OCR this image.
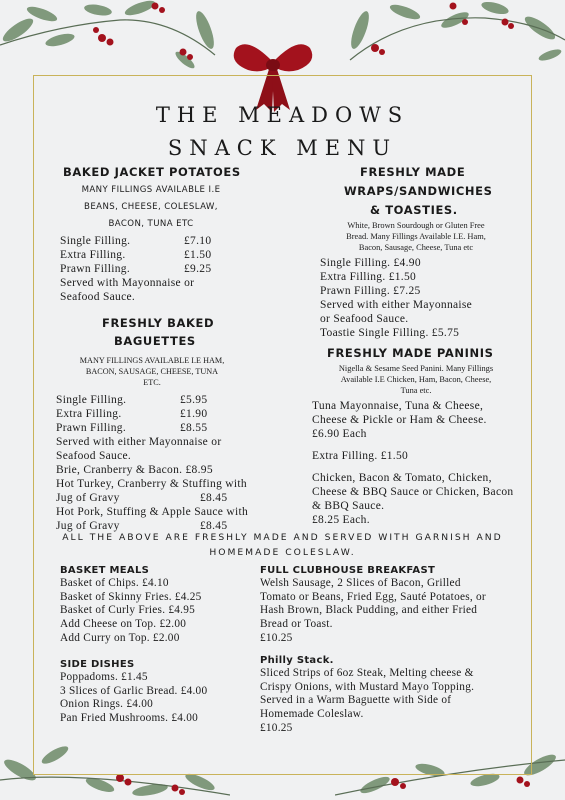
THE MEADOWS
SNACK MENU
BAKED JACKET POTATOES
MANY FILLINGS AVAILABLE I.E
BEANS, CHEESE, COLESLAW,
BACON, TUNA ETC
Single Filling.	£7.10
Extra Filling.	£1.50
Prawn Filling.	£9.25
Served with Mayonnaise or
Seafood Sauce.
FRESHLY BAKED
BAGUETTES
MANY FILLINGS AVAILABLE I.E HAM,
BACON, SAUSAGE, CHEESE, TUNA
ETC.
Single Filling.	£5.95
Extra Filling.	£1.90
Prawn Filling.	£8.55
Served with either Mayonnaise or
Seafood Sauce.
Brie, Cranberry & Bacon. £8.95
Hot Turkey, Cranberry & Stuffing with
Jug of Gravy	£8.45
Hot Pork, Stuffing & Apple Sauce with
Jug of Gravy	£8.45
FRESHLY MADE
WRAPS/SANDWICHES
& TOASTIES.
White, Brown Sourdough or Gluten Free
Bread. Many Fillings Available I.E. Ham,
Bacon, Sausage, Cheese, Tuna etc
Single Filling. £4.90
Extra Filling. £1.50
Prawn Filling. £7.25
Served with either Mayonnaise
or Seafood Sauce.
Toastie Single Filling. £5.75
FRESHLY MADE PANINIS
Nigella & Sesame Seed Panini. Many Fillings
Available I.E Chicken, Ham, Bacon, Cheese,
Tuna etc.
Tuna Mayonnaise, Tuna & Cheese,
Cheese & Pickle or Ham & Cheese.
£6.90 Each
Extra Filling. £1.50
Chicken, Bacon & Tomato, Chicken,
Cheese & BBQ Sauce or Chicken, Bacon
& BBQ Sauce.
£8.25 Each.
ALL THE ABOVE ARE FRESHLY MADE AND SERVED WITH GARNISH AND
HOMEMADE COLESLAW.
BASKET MEALS
Basket of Chips. £4.10
Basket of Skinny Fries. £4.25
Basket of Curly Fries. £4.95
Add Cheese on Top. £2.00
Add Curry on Top. £2.00
SIDE DISHES
Poppadoms. £1.45
3 Slices of Garlic Bread. £4.00
Onion Rings. £4.00
Pan Fried Mushrooms. £4.00
FULL CLUBHOUSE BREAKFAST
Welsh Sausage, 2 Slices of Bacon, Grilled
Tomato or Beans, Fried Egg, Sauté Potatoes, or
Hash Brown, Black Pudding, and either Fried
Bread or Toast.
£10.25
Philly Stack.
Sliced Strips of 6oz Steak, Melting cheese &
Crispy Onions, with Mustard Mayo Topping.
Served in a Warm Baguette with Side of
Homemade Coleslaw.
£10.25
